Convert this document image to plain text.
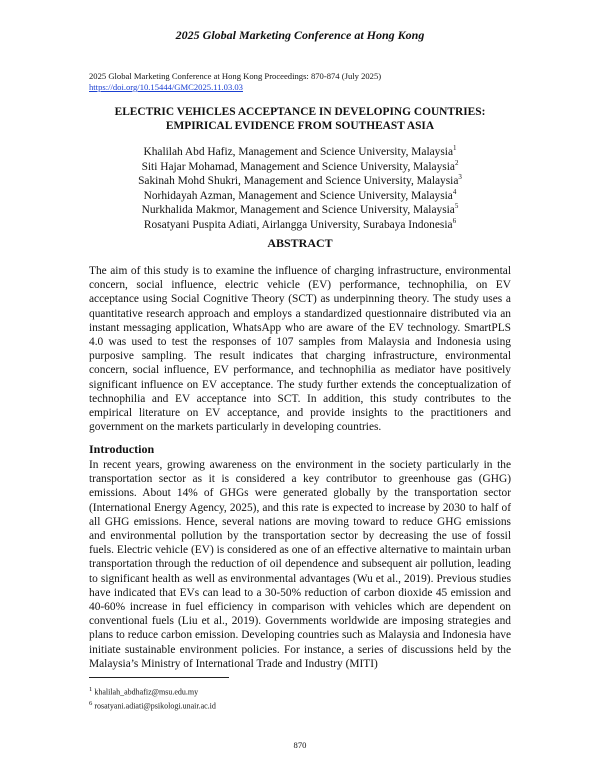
2025 Global Marketing Conference at Hong Kong
2025 Global Marketing Conference at Hong Kong Proceedings: 870-874 (July 2025)
https://doi.org/10.15444/GMC2025.11.03.03
ELECTRIC VEHICLES ACCEPTANCE IN DEVELOPING COUNTRIES:
EMPIRICAL EVIDENCE FROM SOUTHEAST ASIA
Khalilah Abd Hafiz, Management and Science University, Malaysia$^1$
Siti Hajar Mohamad, Management and Science University, Malaysia$^2$
Sakinah Mohd Shukri, Management and Science University, Malaysia$^3$
Norhidayah Azman, Management and Science University, Malaysia$^4$
Nurkhalida Makmor, Management and Science University, Malaysia$^5$
Rosatyani Puspita Adiati, Airlangga University, Surabaya Indonesia$^6$
ABSTRACT

The aim of this study is to examine the influence of charging infrastructure, environmental concern, social influence, electric vehicle (EV) performance, technophilia, on EV acceptance using Social Cognitive Theory (SCT) as underpinning theory. The study uses a quantitative research approach and employs a standardized questionnaire distributed via an instant messaging application, WhatsApp who are aware of the EV technology. SmartPLS 4.0 was used to test the responses of 107 samples from Malaysia and Indonesia using purposive sampling. The result indicates that charging infrastructure, environmental concern, social influence, EV performance, and technophilia as mediator have positively significant influence on EV acceptance. The study further extends the conceptualization of technophilia and EV acceptance into SCT. In addition, this study contributes to the empirical literature on EV acceptance, and provide insights to the practitioners and government on the markets particularly in developing countries.

Introduction

In recent years, growing awareness on the environment in the society particularly in the transportation sector as it is considered a key contributor to greenhouse gas (GHG) emissions. About 14% of GHGs were generated globally by the transportation sector (International Energy Agency, 2025), and this rate is expected to increase by 2030 to half of all GHG emissions. Hence, several nations are moving toward to reduce GHG emissions and environmental pollution by the transportation sector by decreasing the use of fossil fuels. Electric vehicle (EV) is considered as one of an effective alternative to maintain urban transportation through the reduction of oil dependence and subsequent air pollution, leading to significant health as well as environmental advantages (Wu et al., 2019). Previous studies have indicated that EVs can lead to a 30-50% reduction of carbon dioxide 45 emission and 40-60% increase in fuel efficiency in comparison with vehicles which are dependent on conventional fuels (Liu et al., 2019). Governments worldwide are imposing strategies and plans to reduce carbon emission. Developing countries such as Malaysia and Indonesia have initiate sustainable environment policies. For instance, a series of discussions held by the Malaysia’s Ministry of International Trade and Industry (MITI)

$^1$ khalilah_abdhafiz@msu.edu.my
$^6$ rosatyani.adiati@psikologi.unair.ac.id
870
